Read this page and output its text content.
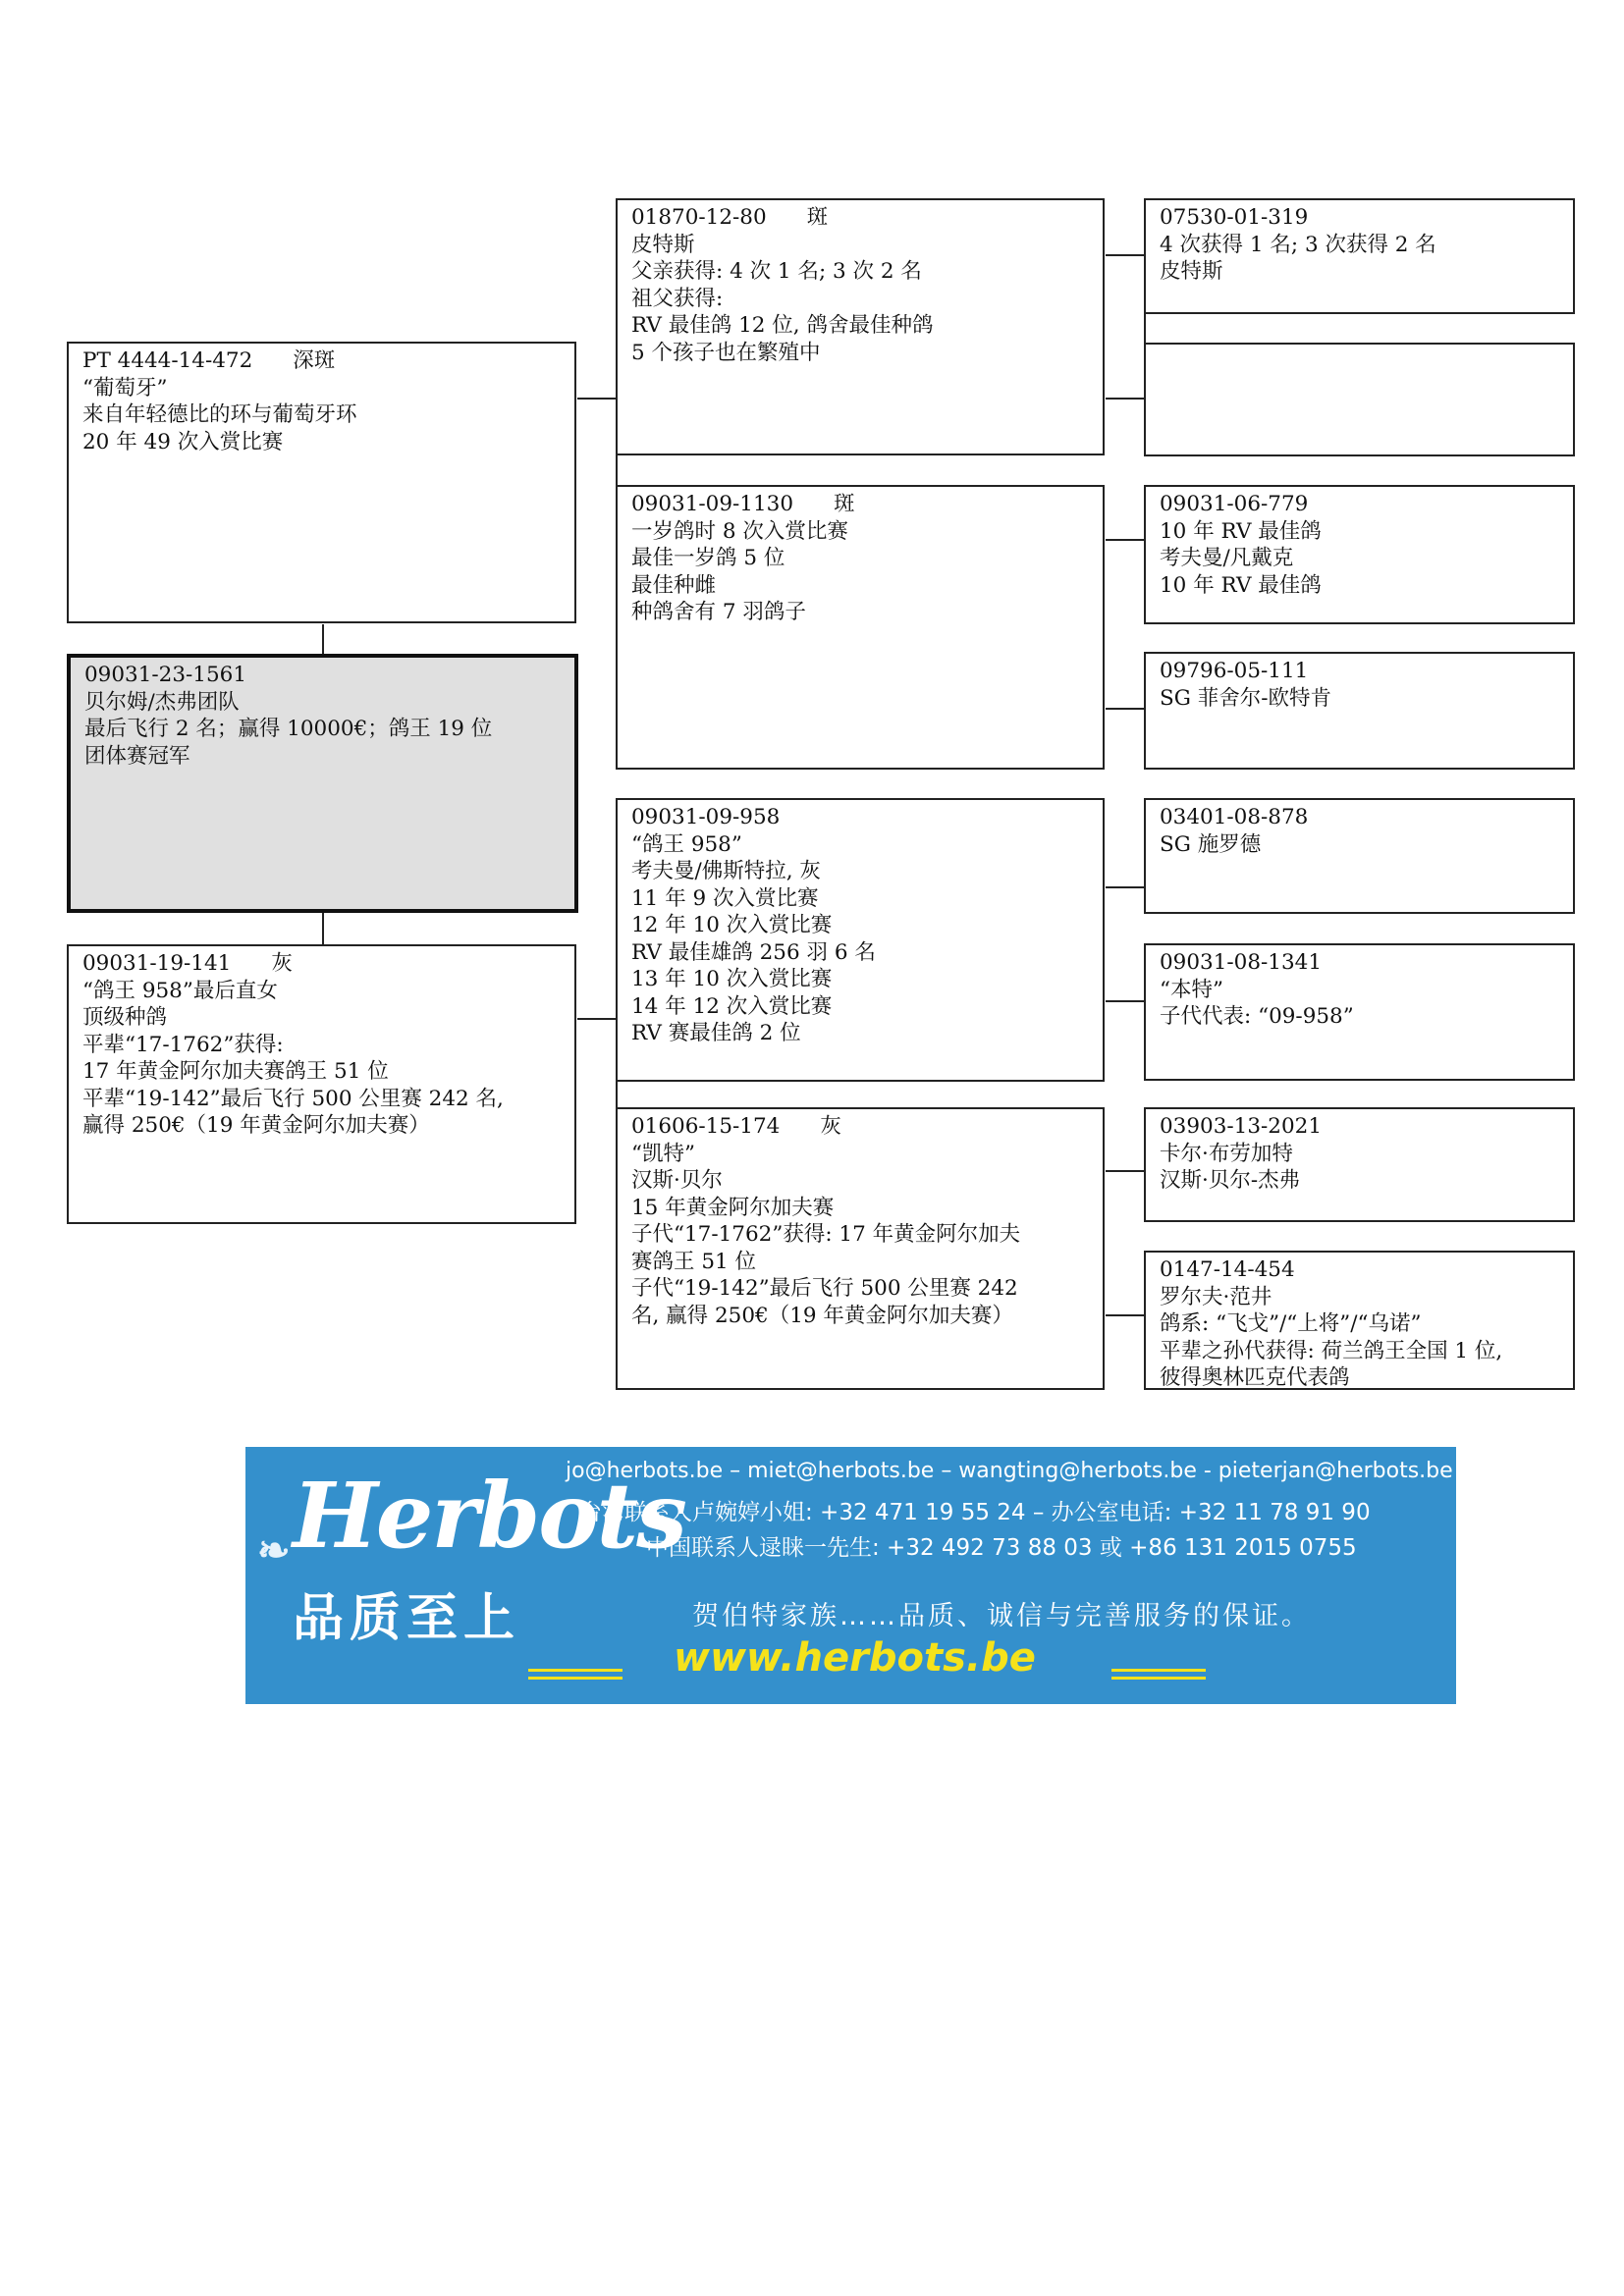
09031-23-1561
贝尔姆/杰弗团队
最后飞行 2 名；赢得 10000€；鸽王 19 位
团体赛冠军
PT 4444-14-472      深斑
“葡萄牙”
来自年轻德比的环与葡萄牙环
20 年 49 次入赏比赛
09031-19-141      灰
“鸽王 958”最后直女
顶级种鸽
平辈“17-1762”获得:
17 年黄金阿尔加夫赛鸽王 51 位
平辈“19-142”最后飞行 500 公里赛 242 名,
赢得 250€（19 年黄金阿尔加夫赛）
01870-12-80      斑
皮特斯
父亲获得: 4 次 1 名; 3 次 2 名
祖父获得:
RV 最佳鸽 12 位, 鸽舍最佳种鸽
5 个孩子也在繁殖中
09031-09-1130      斑
一岁鸽时 8 次入赏比赛
最佳一岁鸽 5 位
最佳种雌
种鸽舍有 7 羽鸽子
09031-09-958
“鸽王 958”
考夫曼/佛斯特拉, 灰
11 年 9 次入赏比赛
12 年 10 次入赏比赛
RV 最佳雄鸽 256 羽 6 名
13 年 10 次入赏比赛
14 年 12 次入赏比赛
RV 赛最佳鸽 2 位
01606-15-174      灰
“凯特”
汉斯·贝尔
15 年黄金阿尔加夫赛
子代“17-1762”获得: 17 年黄金阿尔加夫
赛鸽王 51 位
子代“19-142”最后飞行 500 公里赛 242
名, 赢得 250€（19 年黄金阿尔加夫赛）
07530-01-319
4 次获得 1 名; 3 次获得 2 名
皮特斯
09031-06-779
10 年 RV 最佳鸽
考夫曼/凡戴克
10 年 RV 最佳鸽
09796-05-111
SG 菲舍尔-欧特肯
03401-08-878
SG 施罗德
09031-08-1341
“本特”
子代代表: “09-958”
03903-13-2021
卡尔·布劳加特
汉斯·贝尔-杰弗
0147-14-454
罗尔夫·范井
鸽系: “飞戈”/“上将”/“乌诺”
平辈之孙代获得: 荷兰鸽王全国 1 位,
彼得奥林匹克代表鸽
❧ Herbots
品质至上
jo@herbots.be – miet@herbots.be – wangting@herbots.be - pieterjan@herbots.be
台湾联系人卢婉婷小姐: +32 471 19 55 24 – 办公室电话: +32 11 78 91 90
中国联系人逯睐一先生: +32 492 73 88 03 或 +86 131 2015 0755
贺伯特家族……品质、诚信与完善服务的保证。
www.herbots.be
